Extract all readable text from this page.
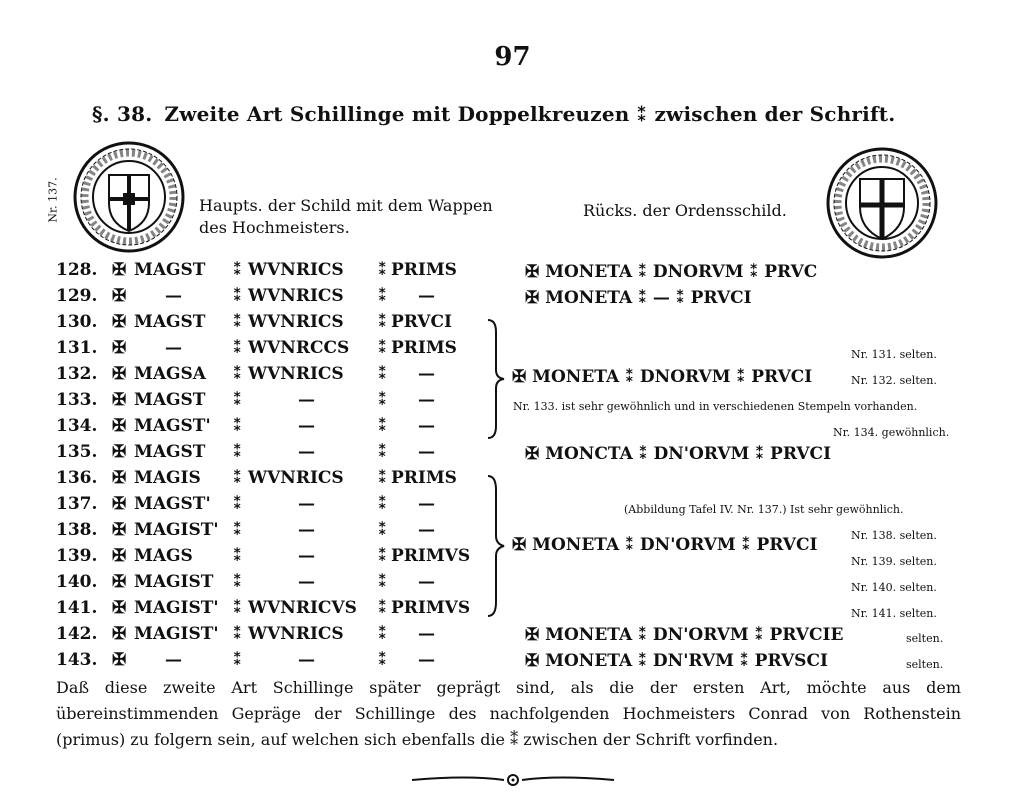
97
§. 38. Zweite Art Schillinge mit Doppelkreuzen ⁑ zwischen der Schrift.
Nr. 137.	Haupts. der Schild mit dem Wappen des Hochmeisters.
Rücks. der Ordensschild.
128. ✠ MAGST ⁑ WVNRICS ⁑ PRIMS
129. ✠ —	⁑ WVNRICS ⁑ —
130. ✠ MAGST ⁑ WVNRICS ⁑ PRVCI
131. ✠ —	⁑ WVNRCCS ⁑ PRIMS
132. ✠ MAGSA ⁑ WVNRICS ⁑ —
133. ✠ MAGST ⁑	—	⁑ —
134. ✠ MAGST' ⁑	—	⁑ —
135. ✠ MAGST ⁑	—	⁑ —
136. ✠ MAGIS ⁑ WVNRICS ⁑ PRIMS
137. ✠ MAGST' ⁑	—	⁑ —
138. ✠ MAGIST' ⁑	—	⁑ —
139. ✠ MAGS ⁑	—	⁑ PRIMVS
140. ✠ MAGIST ⁑	—	⁑ —
141. ✠ MAGIST' ⁑ WVNRICVS ⁑ PRIMVS
142. ✠ MAGIST' ⁑ WVNRICS ⁑ —
143. ✠ —	⁑	—	⁑ —
✠ MONETA ⁑ DNORVM ⁑ PRVC
✠ MONETA ⁑ — ⁑ PRVCI
✠ MONCTA ⁑ DN'ORVM ⁑ PRVCI
✠ MONETA ⁑ DN'ORVM ⁑ PRVCIE
✠ MONETA ⁑ DN'RVM ⁑ PRVSCI
✠ MONETA ⁑ DNORVM ⁑ PRVCI
Nr. 131. selten.
Nr. 132. selten.
Nr. 133. ist sehr gewöhnlich und in verschiedenen Stempeln vorhanden.
Nr. 134. gewöhnlich.
✠ MONETA ⁑ DN'ORVM ⁑ PRVCI
(Abbildung Tafel IV. Nr. 137.) Ist sehr gewöhnlich.
Nr. 138. selten.
Nr. 139. selten.
Nr. 140. selten.
Nr. 141. selten.
selten.
selten.
Daß diese zweite Art Schillinge später geprägt sind, als die der ersten Art, möchte aus dem übereinstimmenden Gepräge der Schillinge des nachfolgenden Hochmeisters Conrad von Rothenstein (primus) zu folgern sein, auf welchen sich ebenfalls die ⁑ zwischen der Schrift vorfinden.
